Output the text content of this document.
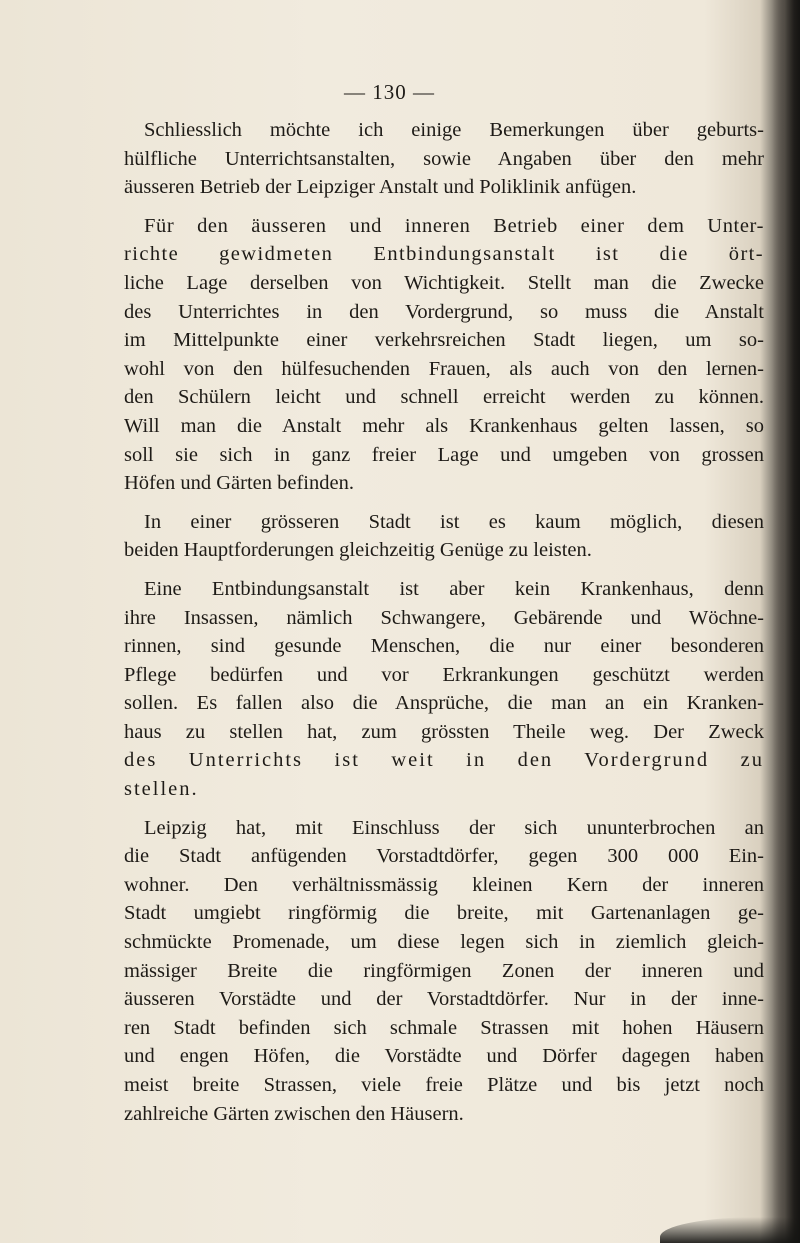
— 130 —
Schliesslich möchte ich einige Bemerkungen über geburts-
hülfliche Unterrichtsanstalten, sowie Angaben über den mehr
äusseren Betrieb der Leipziger Anstalt und Poliklinik anfügen.
Für den äusseren und inneren Betrieb einer dem Unter-
richte gewidmeten Entbindungsanstalt ist die ört-
liche Lage derselben von Wichtigkeit. Stellt man die Zwecke
des Unterrichtes in den Vordergrund, so muss die Anstalt
im Mittelpunkte einer verkehrsreichen Stadt liegen, um so-
wohl von den hülfesuchenden Frauen, als auch von den lernen-
den Schülern leicht und schnell erreicht werden zu können.
Will man die Anstalt mehr als Krankenhaus gelten lassen, so
soll sie sich in ganz freier Lage und umgeben von grossen
Höfen und Gärten befinden.
In einer grösseren Stadt ist es kaum möglich, diesen
beiden Hauptforderungen gleichzeitig Genüge zu leisten.
Eine Entbindungsanstalt ist aber kein Krankenhaus, denn
ihre Insassen, nämlich Schwangere, Gebärende und Wöchne-
rinnen, sind gesunde Menschen, die nur einer besonderen
Pflege bedürfen und vor Erkrankungen geschützt werden
sollen. Es fallen also die Ansprüche, die man an ein Kranken-
haus zu stellen hat, zum grössten Theile weg. Der Zweck
des Unterrichts ist weit in den Vordergrund zu
stellen.
Leipzig hat, mit Einschluss der sich ununterbrochen an
die Stadt anfügenden Vorstadtdörfer, gegen 300 000 Ein-
wohner. Den verhältnissmässig kleinen Kern der inneren
Stadt umgiebt ringförmig die breite, mit Gartenanlagen ge-
schmückte Promenade, um diese legen sich in ziemlich gleich-
mässiger Breite die ringförmigen Zonen der inneren und
äusseren Vorstädte und der Vorstadtdörfer. Nur in der inne-
ren Stadt befinden sich schmale Strassen mit hohen Häusern
und engen Höfen, die Vorstädte und Dörfer dagegen haben
meist breite Strassen, viele freie Plätze und bis jetzt noch
zahlreiche Gärten zwischen den Häusern.
